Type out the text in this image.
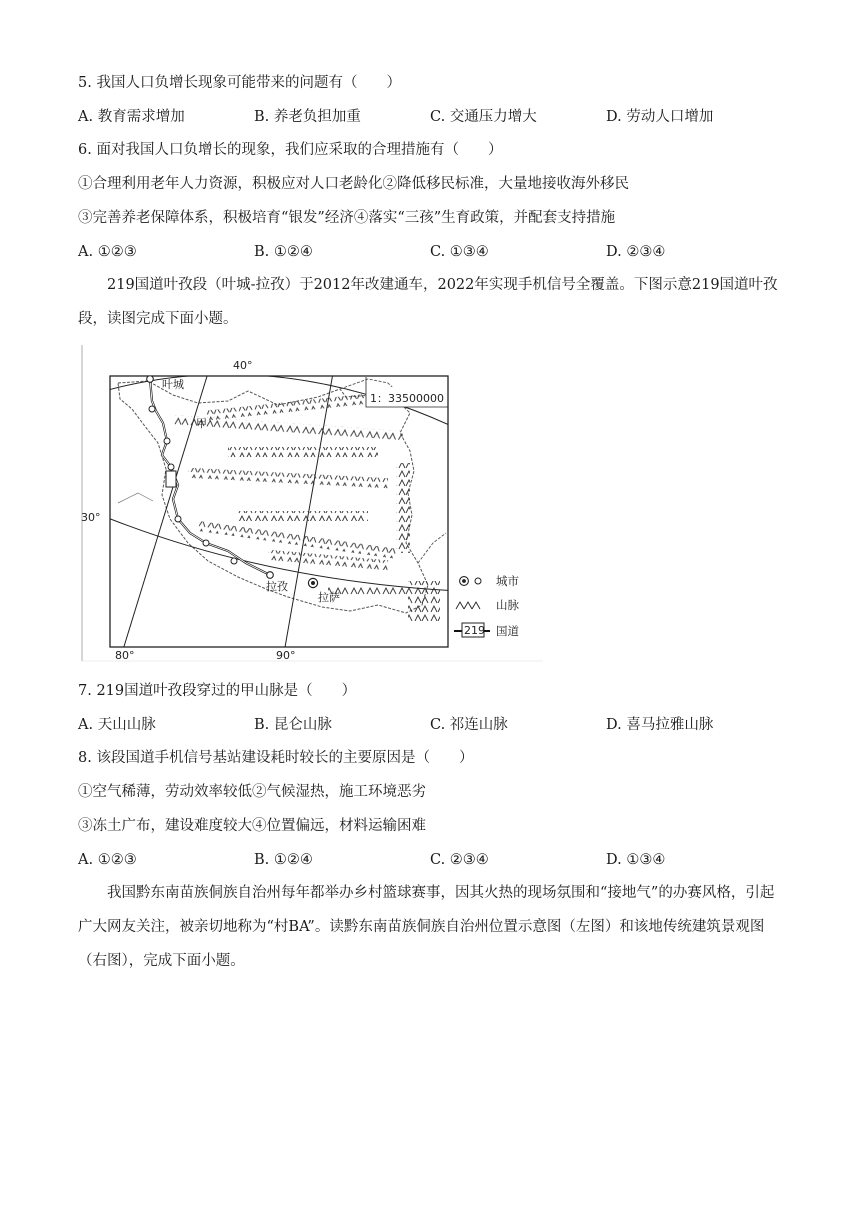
5. 我国人口负增长现象可能带来的问题有（　　）
A. 教育需求增加	B. 养老负担加重	C. 交通压力增大	D. 劳动人口增加
6. 面对我国人口负增长的现象，我们应采取的合理措施有（　　）
①合理利用老年人力资源，积极应对人口老龄化②降低移民标准，大量地接收海外移民
③完善养老保障体系，积极培育“银发”经济④落实“三孩”生育政策，并配套支持措施
A. ①②③	B. ①②④	C. ①③④	D. ②③④
219国道叶孜段（叶城-拉孜）于2012年改建通车，2022年实现手机信号全覆盖。下图示意219国道叶孜段，读图完成下面小题。
40°
30°
80°	90°
1：33500000
叶城
甲
拉孜
拉萨
城市
山脉
219 国道
7. 219国道叶孜段穿过的甲山脉是（　　）
A. 天山山脉	B. 昆仑山脉	C. 祁连山脉	D. 喜马拉雅山脉
8. 该段国道手机信号基站建设耗时较长的主要原因是（　　）
①空气稀薄，劳动效率较低②气候湿热，施工环境恶劣
③冻土广布，建设难度较大④位置偏远，材料运输困难
A. ①②③	B. ①②④	C. ②③④	D. ①③④
我国黔东南苗族侗族自治州每年都举办乡村篮球赛事，因其火热的现场氛围和“接地气”的办赛风格，引起广大网友关注，被亲切地称为“村BA”。读黔东南苗族侗族自治州位置示意图（左图）和该地传统建筑景观图（右图），完成下面小题。
